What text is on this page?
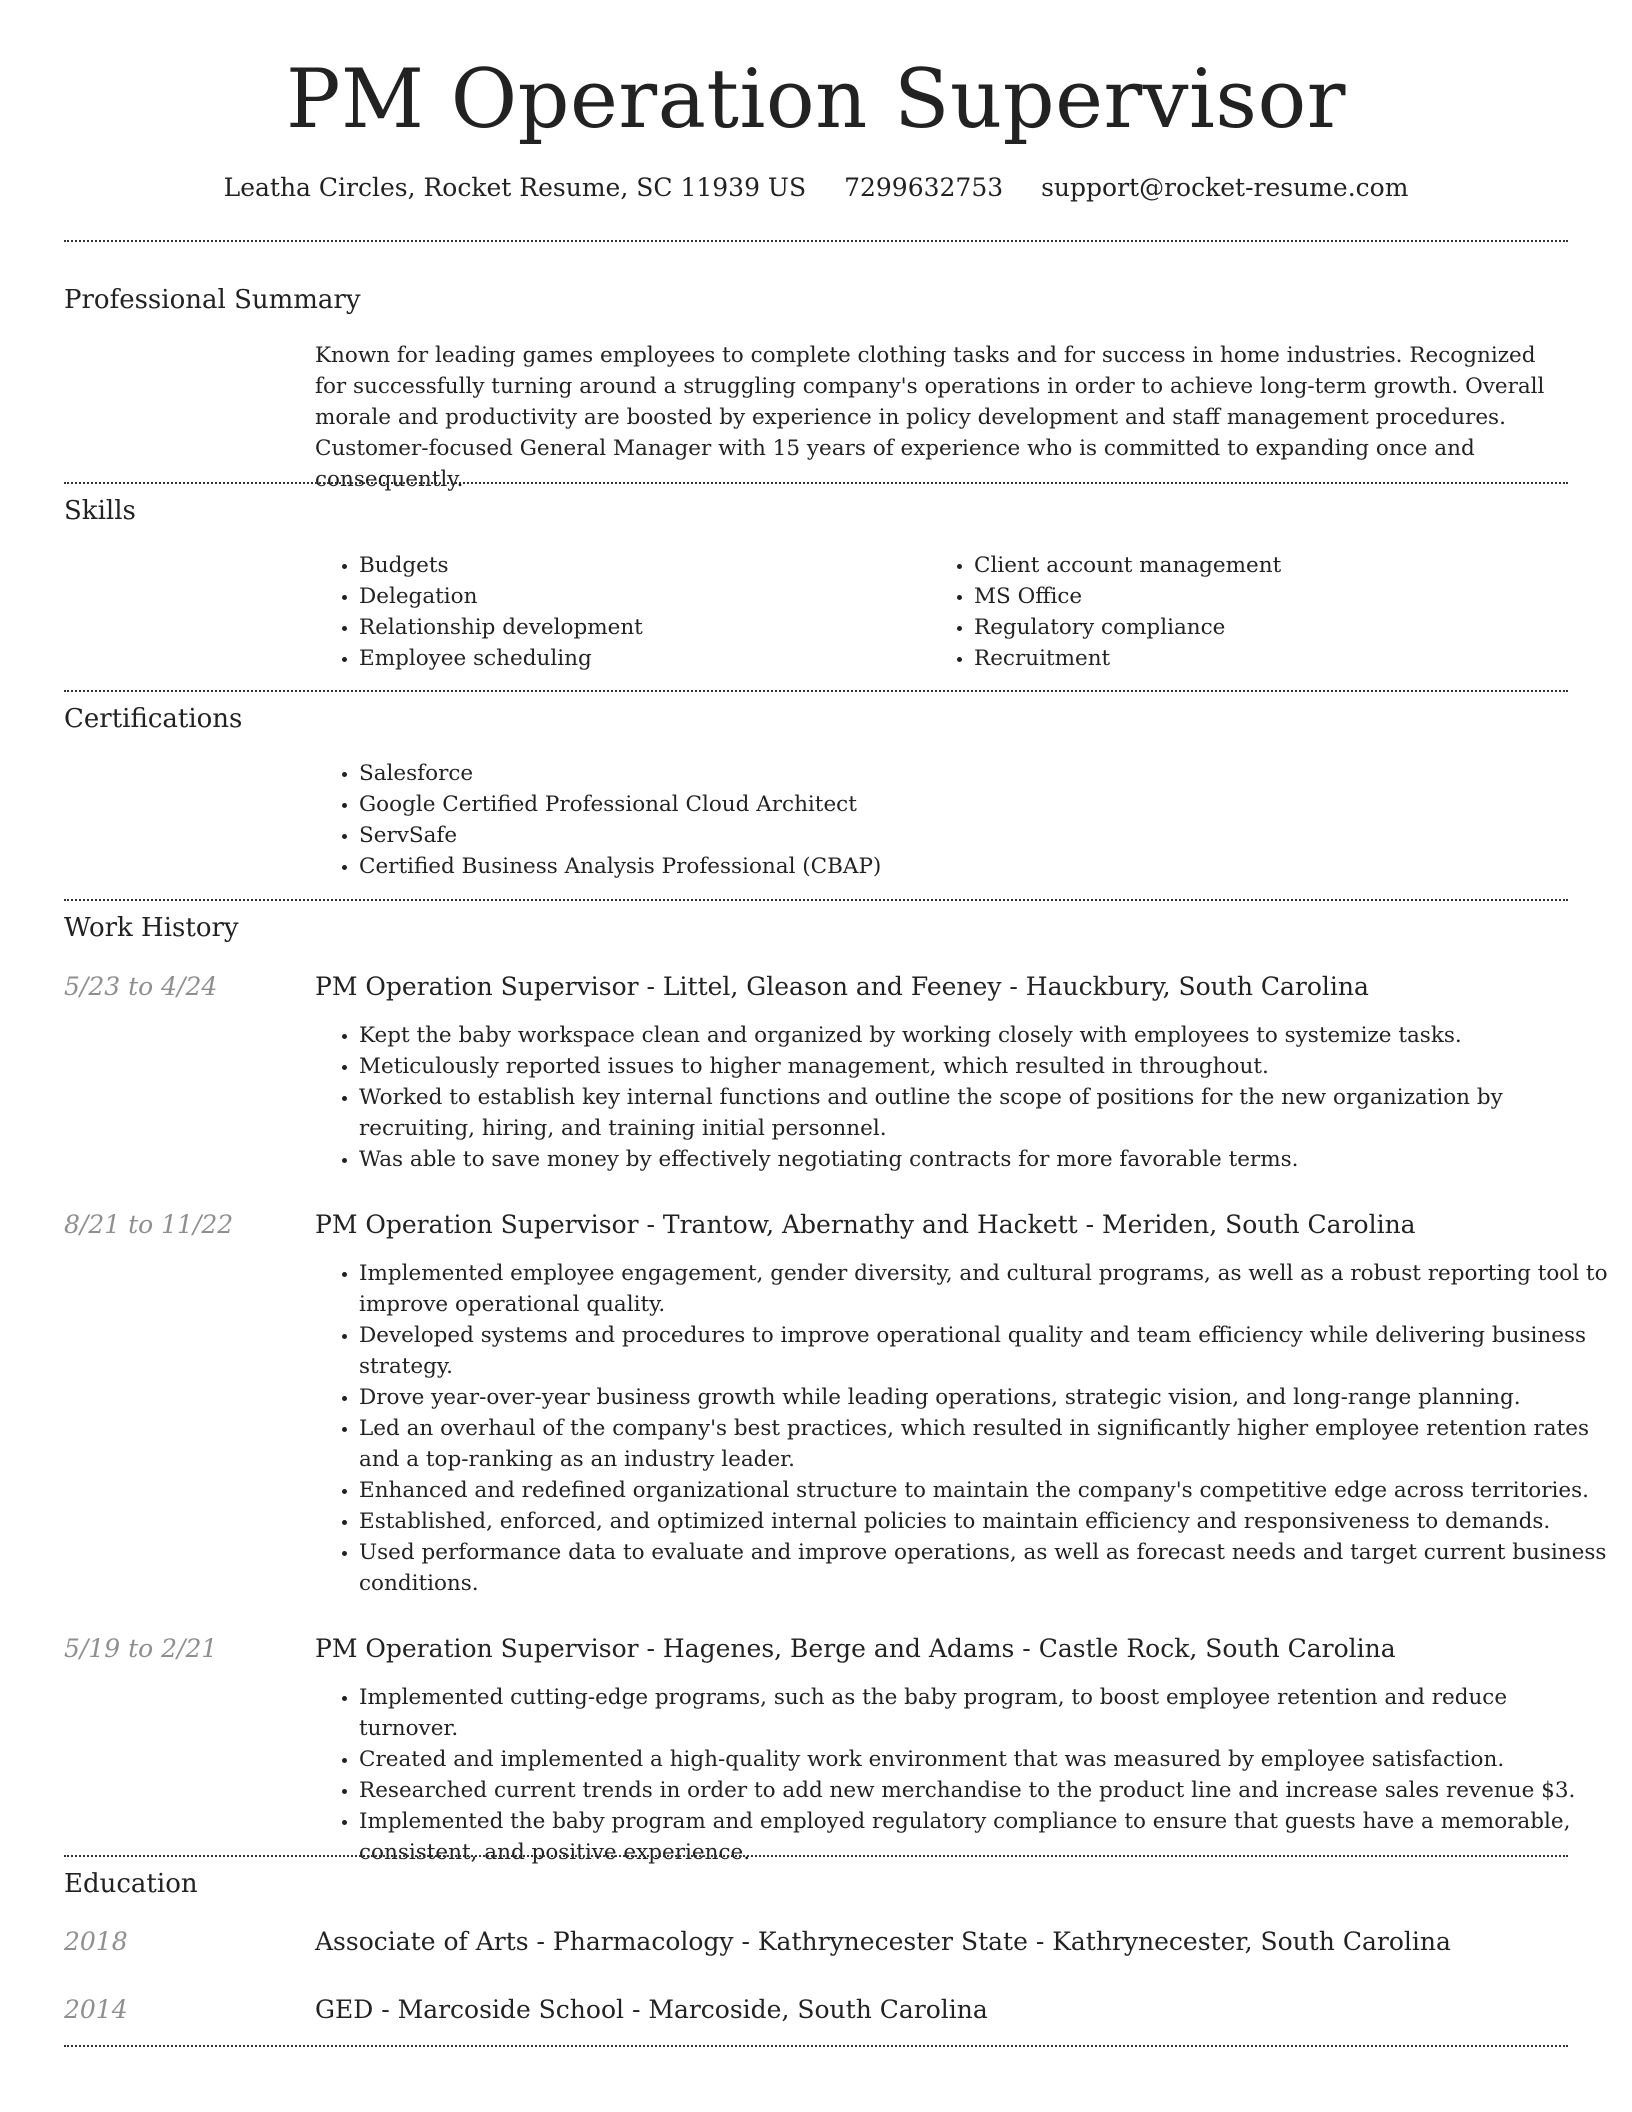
PM Operation Supervisor
Leatha Circles, Rocket Resume, SC 11939 US 7299632753 support@rocket-resume.com
Professional Summary

Known for leading games employees to complete clothing tasks and for success in home industries. Recognized for successfully turning around a struggling company's operations in order to achieve long-term growth. Overall morale and productivity are boosted by experience in policy development and staff management procedures. Customer-focused General Manager with 15 years of experience who is committed to expanding once and consequently.

Skills
• Budgets
• Delegation
• Relationship development
• Employee scheduling
• Client account management
• MS Office
• Regulatory compliance
• Recruitment
Certifications
• Salesforce
• Google Certified Professional Cloud Architect
• ServSafe
• Certified Business Analysis Professional (CBAP)
Work History
5/23 to 4/24	PM Operation Supervisor - Littel, Gleason and Feeney - Hauckbury, South Carolina
• Kept the baby workspace clean and organized by working closely with employees to systemize tasks.
• Meticulously reported issues to higher management, which resulted in throughout.
• Worked to establish key internal functions and outline the scope of positions for the new organization by recruiting, hiring, and training initial personnel.
• Was able to save money by effectively negotiating contracts for more favorable terms.
8/21 to 11/22	PM Operation Supervisor - Trantow, Abernathy and Hackett - Meriden, South Carolina
• Implemented employee engagement, gender diversity, and cultural programs, as well as a robust reporting tool to improve operational quality.
• Developed systems and procedures to improve operational quality and team efficiency while delivering business strategy.
• Drove year-over-year business growth while leading operations, strategic vision, and long-range planning.
• Led an overhaul of the company's best practices, which resulted in significantly higher employee retention rates and a top-ranking as an industry leader.
• Enhanced and redefined organizational structure to maintain the company's competitive edge across territories.
• Established, enforced, and optimized internal policies to maintain efficiency and responsiveness to demands.
• Used performance data to evaluate and improve operations, as well as forecast needs and target current business conditions.
5/19 to 2/21	PM Operation Supervisor - Hagenes, Berge and Adams - Castle Rock, South Carolina
• Implemented cutting-edge programs, such as the baby program, to boost employee retention and reduce turnover.
• Created and implemented a high-quality work environment that was measured by employee satisfaction.
• Researched current trends in order to add new merchandise to the product line and increase sales revenue $3.
• Implemented the baby program and employed regulatory compliance to ensure that guests have a memorable, consistent, and positive experience.
Education
2018	Associate of Arts - Pharmacology - Kathrynecester State - Kathrynecester, South Carolina
2014	GED - Marcoside School - Marcoside, South Carolina
